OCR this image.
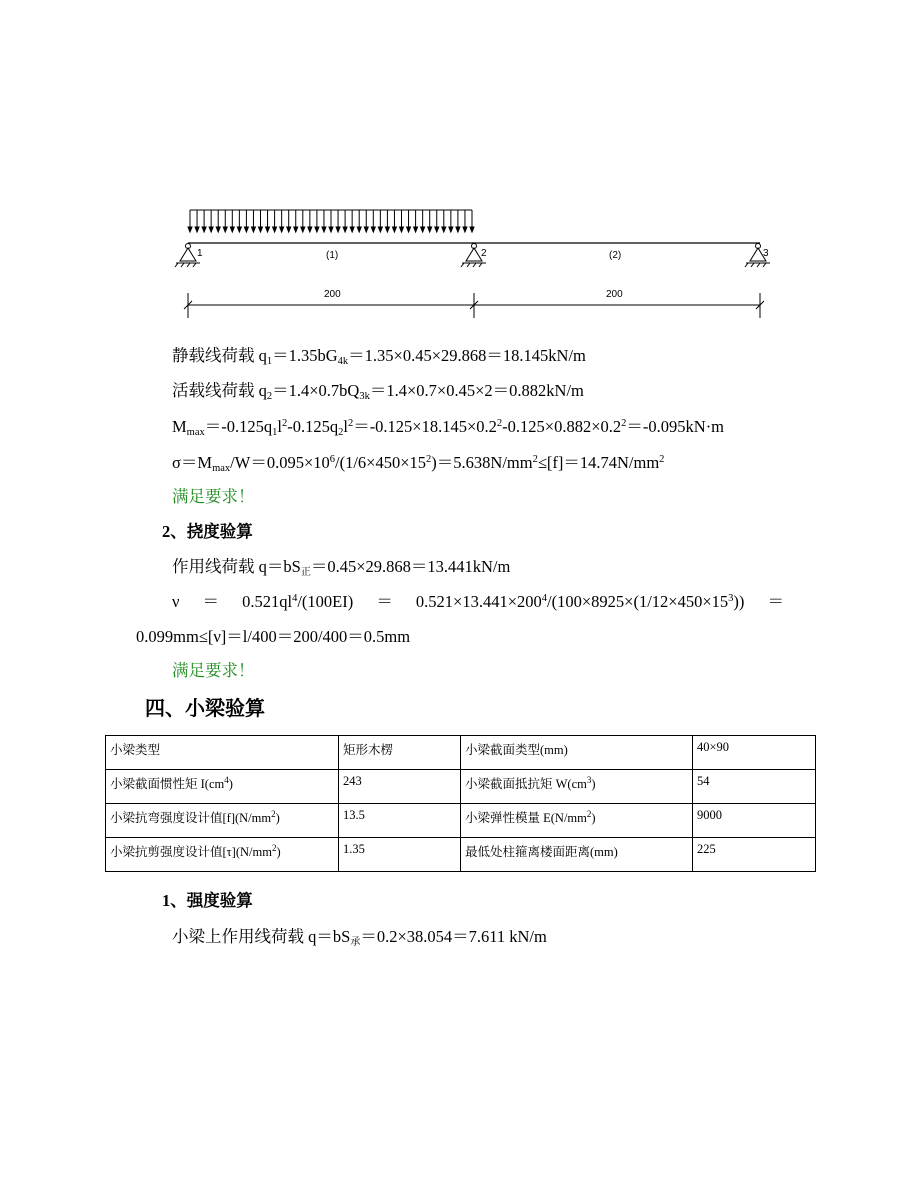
1	2	3
(1)	(2)
200	200
静载线荷载 $q_1=1.35bG_{4k}=1.35\times 0.45\times 29.868=18.145kN/m$
活载线荷载 $q_2=1.4\times 0.7bQ_{3k}=1.4\times 0.7\times 0.45\times 2=0.882kN/m$
$M_{max}=-0.125q_1l^2-0.125q_2l^2=-0.125\times 18.145\times 0.2^2-0.125\times 0.882\times 0.2^2=-0.095kN\cdot m$
$\sigma=M_{max}/W=0.095\times 10^6/(1/6\times 450\times 15^2)=5.638N/mm^2\le[f]=14.74N/mm^2$
满足要求！
2、挠度验算
作用线荷载 $q=bS_正=0.45\times 29.868=13.441kN/m$
$\nu = 0.521ql^4/(100EI) = 0.521\times 13.441\times 200^4/(100\times 8925\times(1/12\times 450\times 15^3))$ ＝
0.099mm≤[ν]＝l/400＝200/400＝0.5mm
满足要求！
四、小梁验算
小梁类型	矩形木楞	小梁截面类型(mm)	40×90
小梁截面惯性矩 $I(cm^4)$	243	小梁截面抵抗矩 $W(cm^3)$	54
小梁抗弯强度设计值$[f](N/mm^2)$	13.5	小梁弹性模量 $E(N/mm^2)$	9000
小梁抗剪强度设计值$[\tau](N/mm^2)$	1.35	最低处柱箍离楼面距离(mm)	225
1、强度验算
小梁上作用线荷载 $q=bS_承=0.2\times 38.054=7.611$ kN/m
